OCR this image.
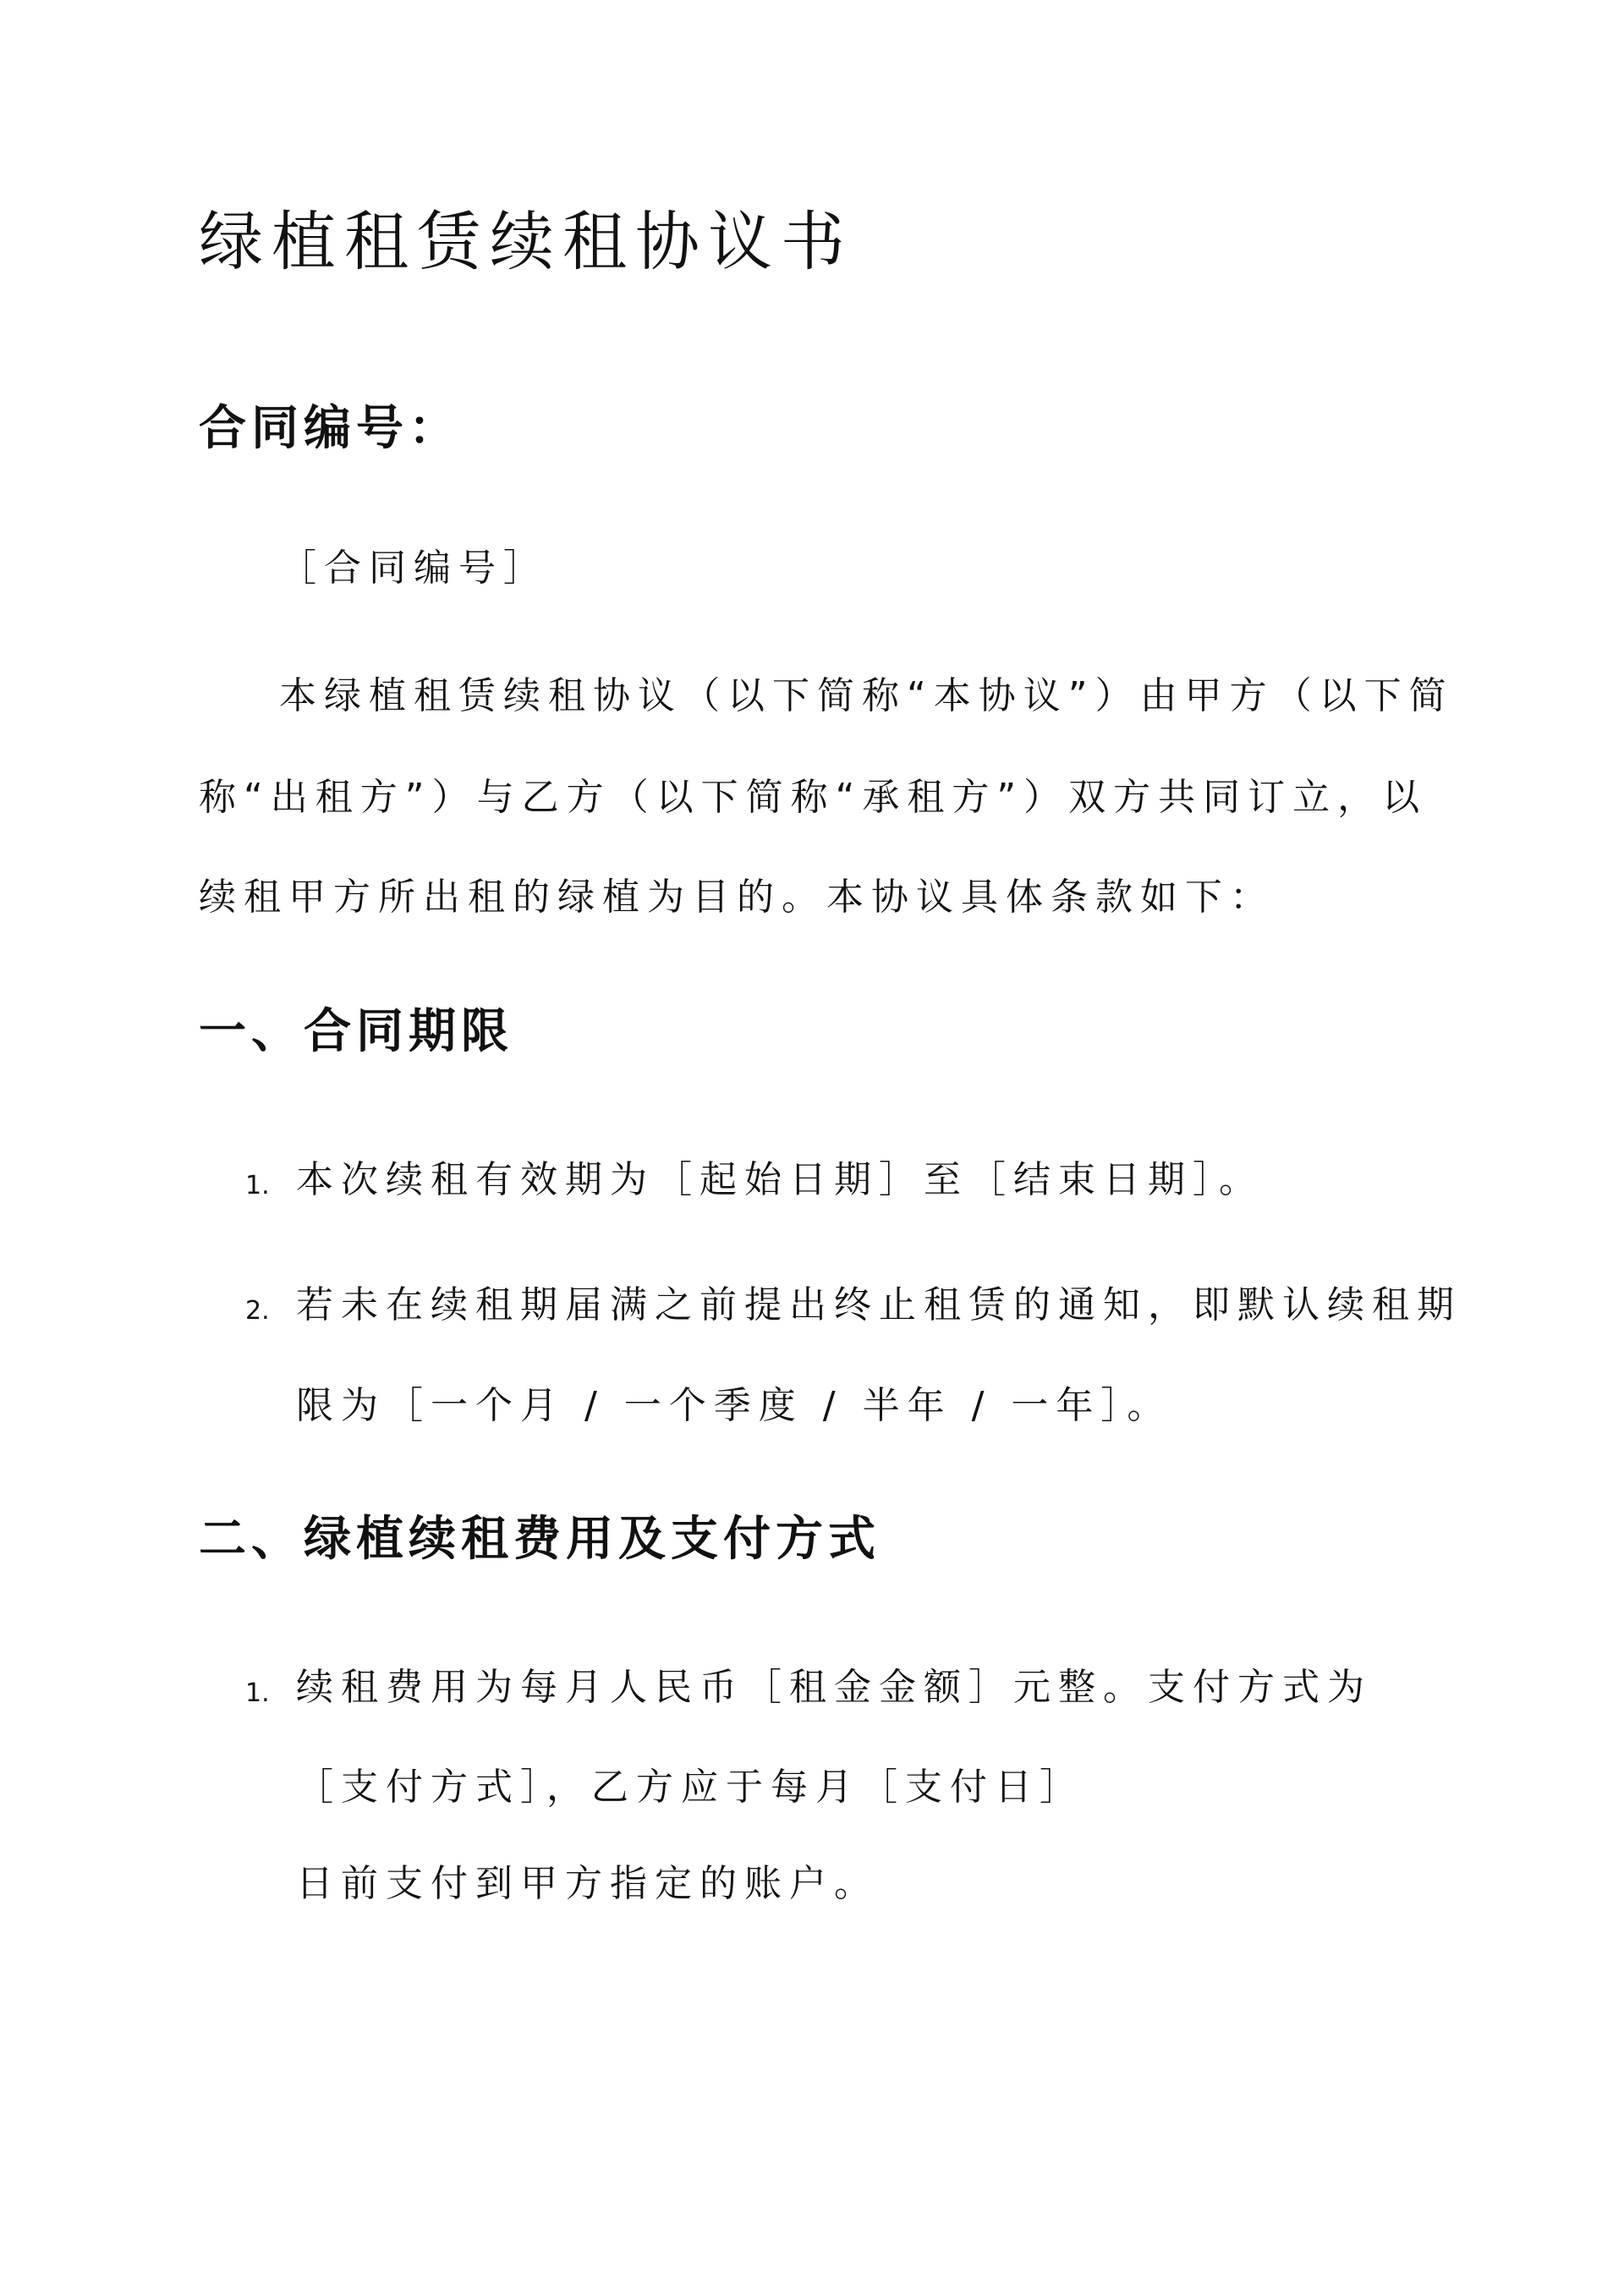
绿植租赁续租协议书
合同编号：
［合同编号］
本绿植租赁续租协议（以下简称“本协议”）由甲方（以下简
称“出租方”）与乙方（以下简称“承租方”）双方共同订立，以
续租甲方所出租的绿植为目的。本协议具体条款如下：
一、合同期限
1. 本次续租有效期为［起始日期］至［结束日期］。
2. 若未在续租期届满之前提出终止租赁的通知，即默认续租期
限为［一个月 / 一个季度 / 半年 / 一年］。
二、绿植续租费用及支付方式
1. 续租费用为每月人民币［租金金额］元整。支付方式为
［支付方式］，乙方应于每月［支付日］
日前支付到甲方指定的账户。
